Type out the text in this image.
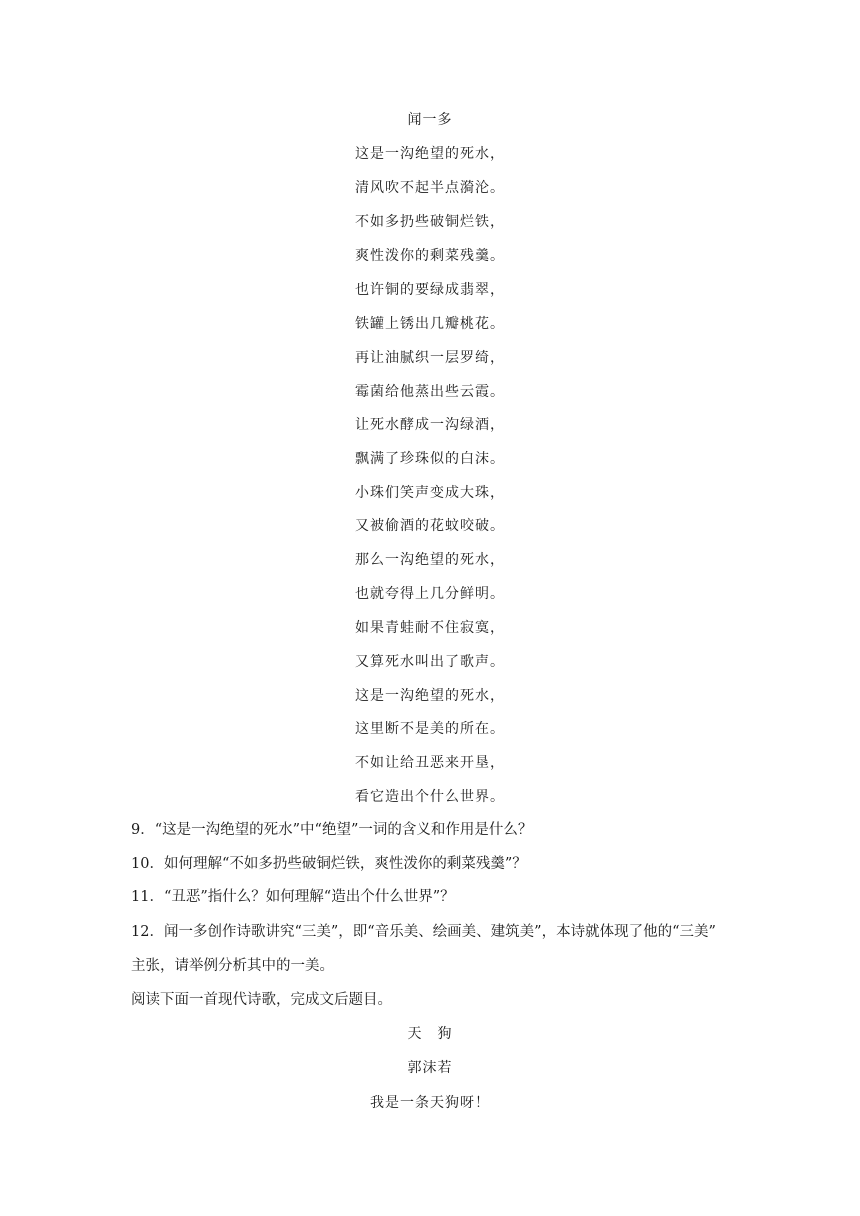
闻一多
这是一沟绝望的死水，
清风吹不起半点漪沦。
不如多扔些破铜烂铁，
爽性泼你的剩菜残羹。
也许铜的要绿成翡翠，
铁罐上锈出几瓣桃花。
再让油腻织一层罗绮，
霉菌给他蒸出些云霞。
让死水酵成一沟绿酒，
飘满了珍珠似的白沫。
小珠们笑声变成大珠，
又被偷酒的花蚊咬破。
那么一沟绝望的死水，
也就夸得上几分鲜明。
如果青蛙耐不住寂寞，
又算死水叫出了歌声。
这是一沟绝望的死水，
这里断不是美的所在。
不如让给丑恶来开垦，
看它造出个什么世界。
9．“这是一沟绝望的死水”中“绝望”一词的含义和作用是什么？
10．如何理解“不如多扔些破铜烂铁，爽性泼你的剩菜残羹”？
11．“丑恶”指什么？如何理解“造出个什么世界”？
12．闻一多创作诗歌讲究“三美”，即“音乐美、绘画美、建筑美”，本诗就体现了他的“三美”
主张，请举例分析其中的一美。
阅读下面一首现代诗歌，完成文后题目。
天　狗
郭沫若
我是一条天狗呀！
